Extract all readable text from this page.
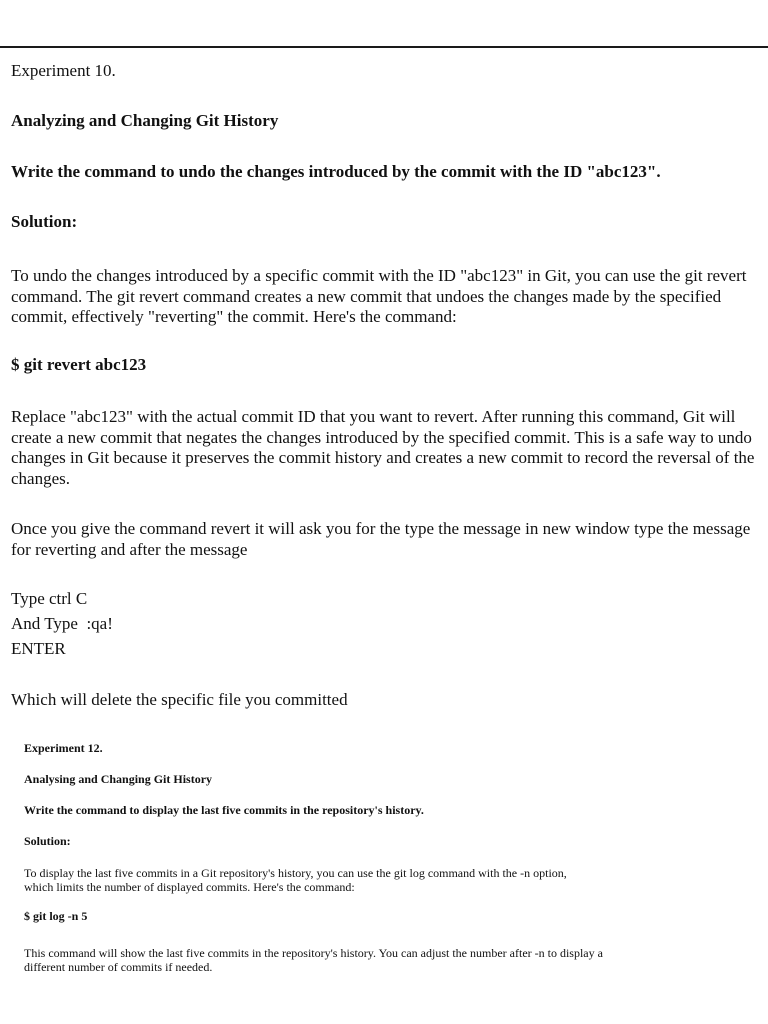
Experiment 10.

Analyzing and Changing Git History

Write the command to undo the changes introduced by the commit with the ID "abc123".

Solution:

To undo the changes introduced by a specific commit with the ID "abc123" in Git, you can use the git revert command. The git revert command creates a new commit that undoes the changes made by the specified commit, effectively "reverting" the commit. Here's the command:

$ git revert abc123

Replace "abc123" with the actual commit ID that you want to revert. After running this command, Git will create a new commit that negates the changes introduced by the specified commit. This is a safe way to undo changes in Git because it preserves the commit history and creates a new commit to record the reversal of the changes.

Once you give the command revert it will ask you for the type the message in new window type the message for reverting and after the message

Type ctrl C

And Type  :qa!

ENTER

Which will delete the specific file you committed

Experiment 12.

Analysing and Changing Git History

Write the command to display the last five commits in the repository's history.

Solution:

To display the last five commits in a Git repository's history, you can use the git log command with the -n option, which limits the number of displayed commits. Here's the command:

$ git log -n 5

This command will show the last five commits in the repository's history. You can adjust the number after -n to display a different number of commits if needed.
